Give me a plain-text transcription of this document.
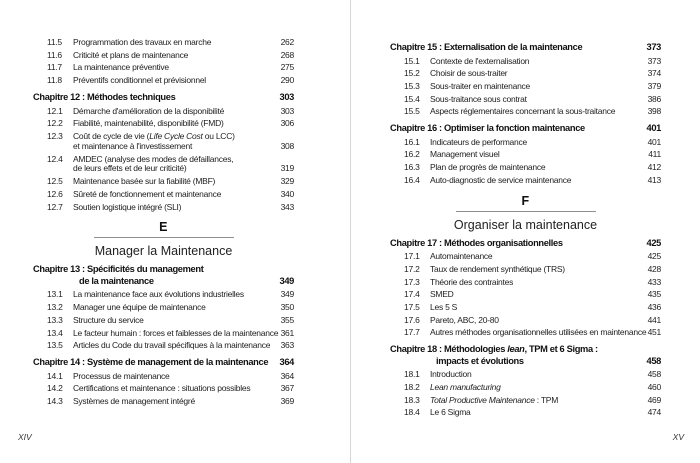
11.5	Programmation des travaux en marche	262
11.6	Criticité et plans de maintenance	268
11.7	La maintenance préventive	275
11.8	Préventifs conditionnel et prévisionnel	290
Chapitre 12 : Méthodes techniques	303
12.1	Démarche d'amélioration de la disponibilité	303
12.2	Fiabilité, maintenabilité, disponibilité (FMD)	306
12.3	Coût de cycle de vie (Life Cycle Cost ou LCC)
et maintenance à l'investissement	308
12.4	AMDEC (analyse des modes de défaillances,
de leurs effets et de leur criticité)	319
12.5	Maintenance basée sur la fiabilité (MBF)	329
12.6	Sûreté de fonctionnement et maintenance	340
12.7	Soutien logistique intégré (SLI)	343
E
Manager la Maintenance
Chapitre 13 : Spécificités du management
de la maintenance	349
13.1	La maintenance face aux évolutions industrielles	349
13.2	Manager une équipe de maintenance	350
13.3	Structure du service	355
13.4	Le facteur humain : forces et faiblesses de la maintenance 361
13.5	Articles du Code du travail spécifiques à la maintenance	363
Chapitre 14 : Système de management de la maintenance	364
14.1	Processus de maintenance	364
14.2	Certifications et maintenance : situations possibles	367
14.3	Systèmes de management intégré	369
Chapitre 15 : Externalisation de la maintenance	373
15.1	Contexte de l'externalisation	373
15.2	Choisir de sous-traiter	374
15.3	Sous-traiter en maintenance	379
15.4	Sous-traitance sous contrat	386
15.5	Aspects réglementaires concernant la sous-traitance	398
Chapitre 16 : Optimiser la fonction maintenance	401
16.1	Indicateurs de performance	401
16.2	Management visuel	411
16.3	Plan de progrès de maintenance	412
16.4	Auto-diagnostic de service maintenance	413
F
Organiser la maintenance
Chapitre 17 : Méthodes organisationnelles	425
17.1	Automaintenance	425
17.2	Taux de rendement synthétique (TRS)	428
17.3	Théorie des contraintes	433
17.4	SMED	435
17.5	Les 5 S	436
17.6	Pareto, ABC, 20-80	441
17.7	Autres méthodes organisationnelles utilisées en maintenance 451
Chapitre 18 : Méthodologies lean, TPM et 6 Sigma :
impacts et évolutions	458
18.1	Introduction	458
18.2	Lean manufacturing	460
18.3	Total Productive Maintenance : TPM	469
18.4	Le 6 Sigma	474
XIV	XV
